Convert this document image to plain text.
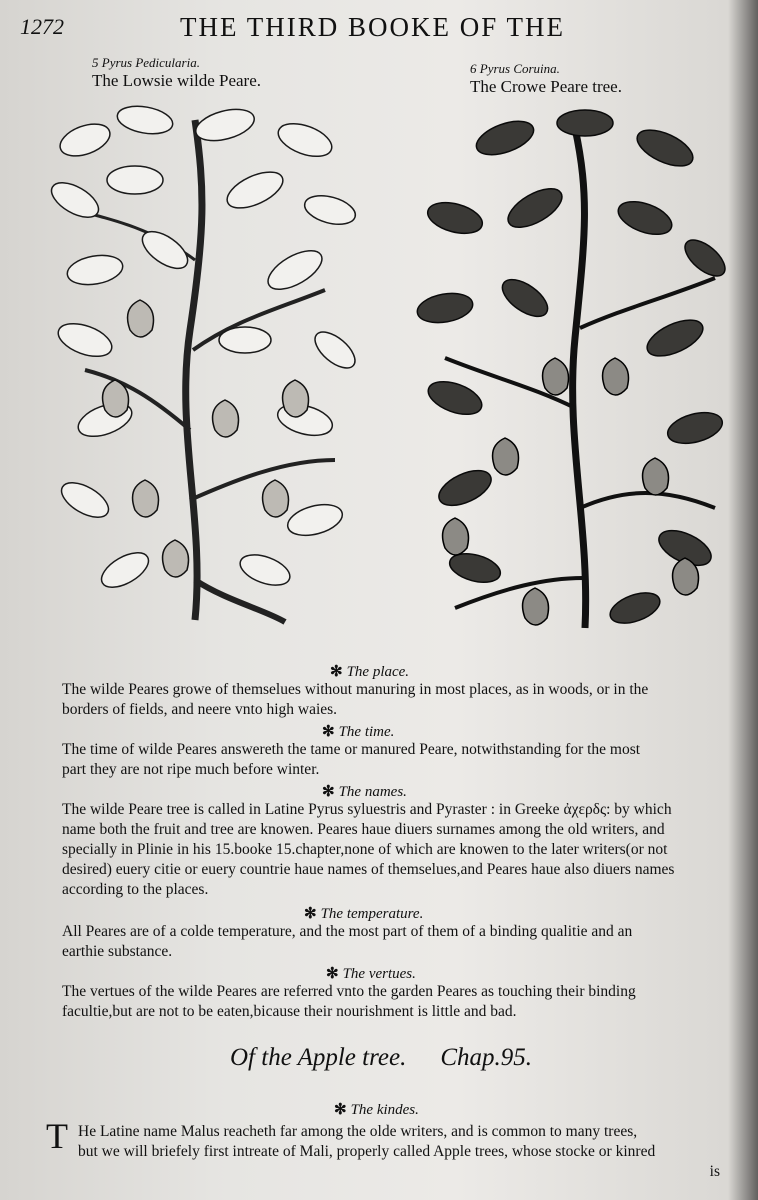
1272	THE THIRD BOOKE OF THE
5 Pyrus Pedicularia.
The Lowsie wilde Peare.
6 Pyrus Coruina.
The Crowe Peare tree.
✻ The place.
The wilde Peares growe of themselues without manuring in most places, as in woods, or in the
borders of fields, and neere vnto high waies.
✻ The time.
The time of wilde Peares answereth the tame or manured Peare, notwithstanding for the most
part they are not ripe much before winter.
✻ The names.
The wilde Peare tree is called in Latine Pyrus syluestris and Pyraster : in Greeke ἀχερδς: by which
name both the fruit and tree are knowen. Peares haue diuers surnames among the old writers, and
specially in Plinie in his 15.booke 15.chapter,none of which are knowen to the later writers(or not
desired) euery citie or euery countrie haue names of themselues,and Peares haue also diuers names
according to the places.
✻ The temperature.
All Peares are of a colde temperature, and the most part of them of a binding qualitie and an
earthie substance.
✻ The vertues.
The vertues of the wilde Peares are referred vnto the garden Peares as touching their binding
facultie,but are not to be eaten,bicause their nourishment is little and bad.
Of the Apple tree. Chap.95.
✻ The kindes.
T He Latine name Malus reacheth far among the olde writers, and is common to many trees,
but we will briefely first intreate of Mali, properly called Apple trees, whose stocke or kinred
is
